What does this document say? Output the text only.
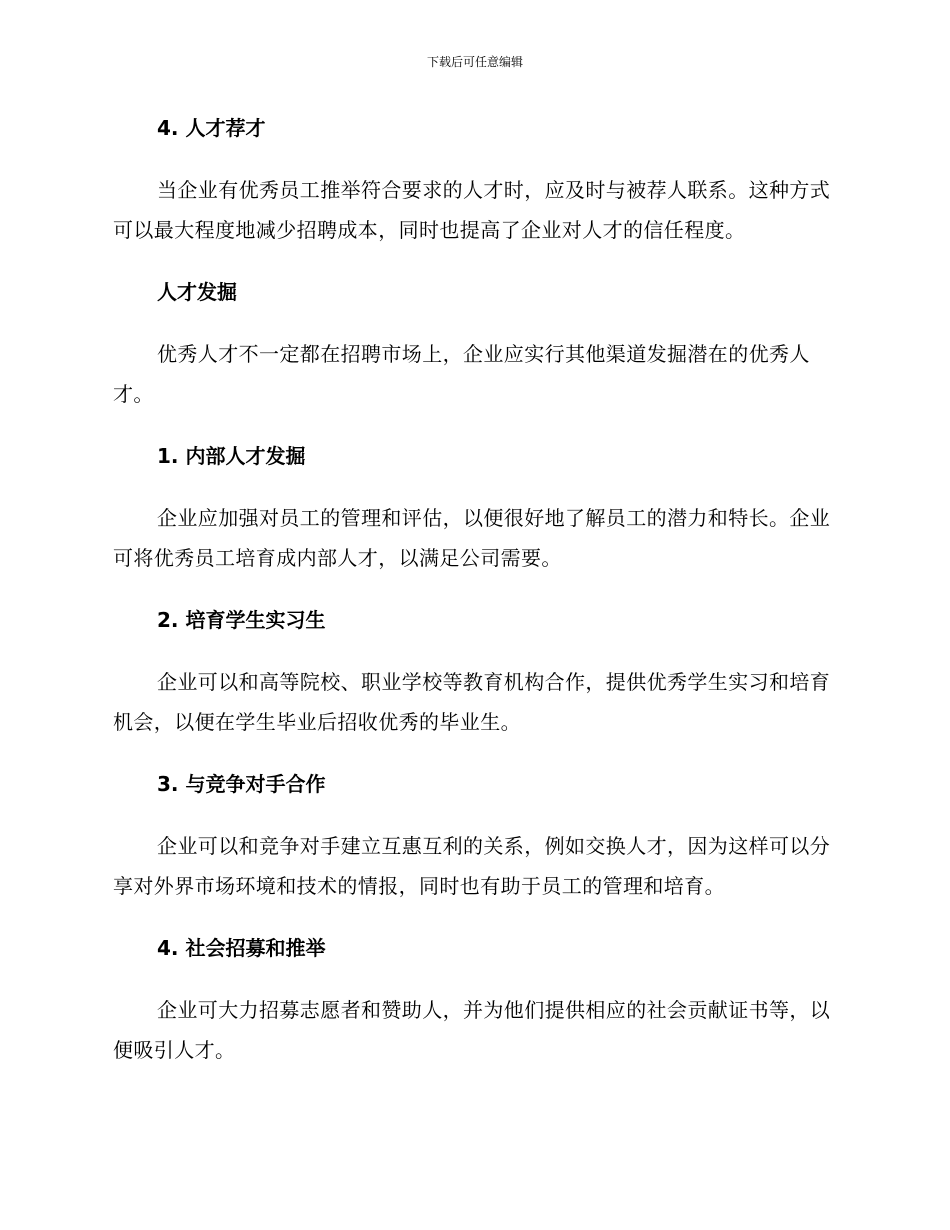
下载后可任意编辑
4. 人才荐才
当企业有优秀员工推举符合要求的人才时，应及时与被荐人联系。这种方式可以最大程度地减少招聘成本，同时也提高了企业对人才的信任程度。
人才发掘
优秀人才不一定都在招聘市场上，企业应实行其他渠道发掘潜在的优秀人才。
1. 内部人才发掘
企业应加强对员工的管理和评估，以便很好地了解员工的潜力和特长。企业可将优秀员工培育成内部人才，以满足公司需要。
2. 培育学生实习生
企业可以和高等院校、职业学校等教育机构合作，提供优秀学生实习和培育机会，以便在学生毕业后招收优秀的毕业生。
3. 与竞争对手合作
企业可以和竞争对手建立互惠互利的关系，例如交换人才，因为这样可以分享对外界市场环境和技术的情报，同时也有助于员工的管理和培育。
4. 社会招募和推举
企业可大力招募志愿者和赞助人，并为他们提供相应的社会贡献证书等，以便吸引人才。
